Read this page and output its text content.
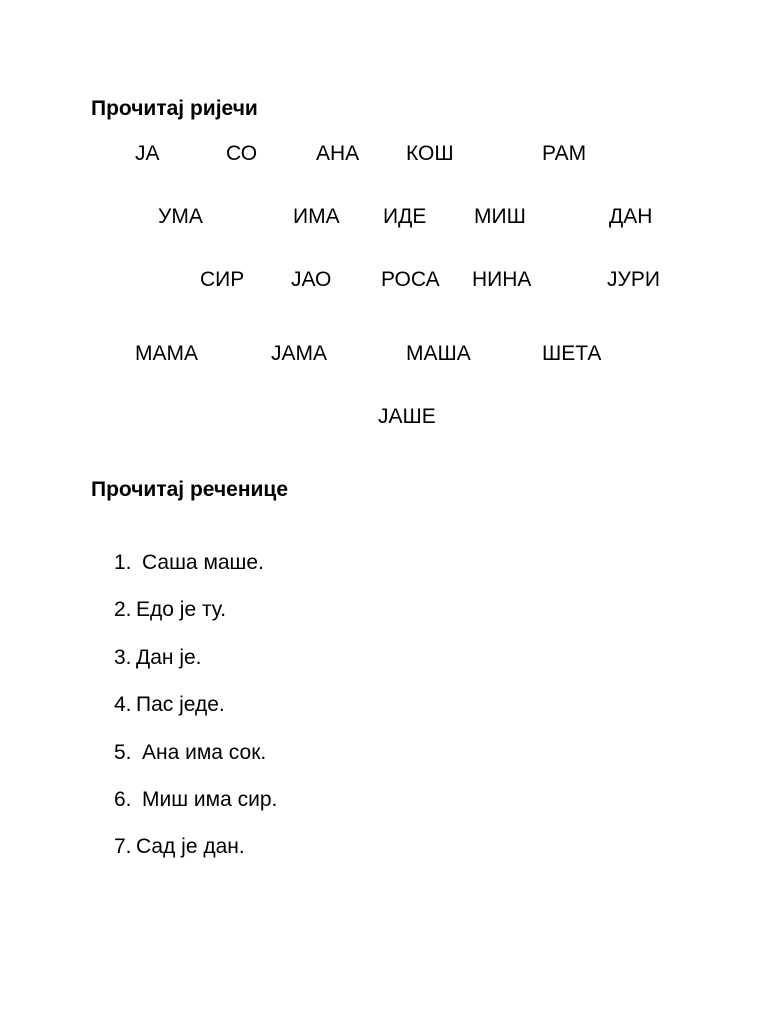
Прочитај ријечи
ЈА	СО	АНА КОШ	РАМ
УМА	ИМА ИДЕ МИШ	ДАН
СИР ЈАО РОСА НИНА	ЈУРИ
МАМА	ЈАМА	МАША	ШЕТА
ЈАШЕ
Прочитај реченице
1. Саша маше.
2. Едо је ту.
3. Дан је.
4. Пас једе.
5. Ана има сок.
6. Миш има сир.
7. Сад је дан.
